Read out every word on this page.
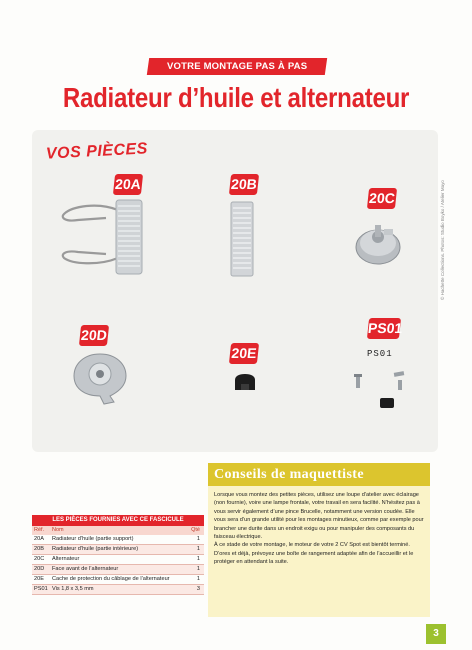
VOTRE MONTAGE PAS À PAS
Radiateur d’huile et alternateur
VOS PIÈCES
20A	20B
20C
20D
20E
PS01
PS01
© Hachette Collections. Photos: Studio Boyko / Atelier Mayo
Conseils de maquettiste

Lorsque vous montez des petites pièces, utilisez une loupe d’atelier avec éclairage (non fournie), voire une lampe frontale, votre travail en sera facilité. N’hésitez pas à vous servir également d’une pince Brucelle, notamment une version coudée. Elle vous sera d’un grande utilité pour les montages minutieux, comme par exemple pour brancher une durite dans un endroit exigu ou pour manipuler des composants du faisceau électrique.

À ce stade de votre montage, le moteur de votre 2 CV Spot est bientôt terminé. D’ores et déjà, prévoyez une boîte de rangement adaptée afin de l’accueillir et le protéger en attendant la suite.

LES PIÈCES FOURNIES AVEC CE FASCICULE
Réf.	Nom	Qté
20A	Radiateur d’huile (partie support)	1
20B	Radiateur d’huile (partie intérieure)	1
20C	Alternateur	1
20D	Face avant de l’alternateur	1
20E	Cache de protection du câblage de l’alternateur	1
PS01 Vis 1,8 x 3,5 mm	3
3
